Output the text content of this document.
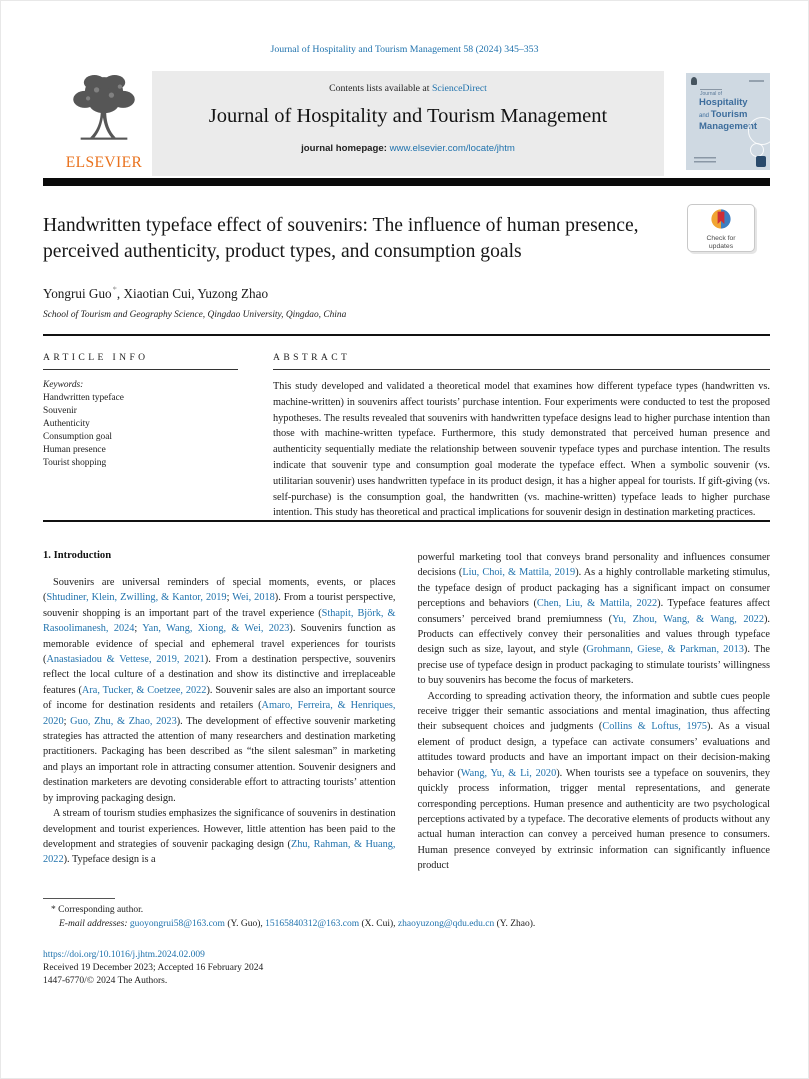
Journal of Hospitality and Tourism Management 58 (2024) 345–353
ELSEVIER
Contents lists available at ScienceDirect
Journal of Hospitality and Tourism Management
journal homepage: www.elsevier.com/locate/jhtm
Journal of
Hospitality
and Tourism
Management
Check for
updates
Handwritten typeface effect of souvenirs: The influence of human presence, perceived authenticity, product types, and consumption goals
Yongrui Guo*, Xiaotian Cui, Yuzong Zhao
School of Tourism and Geography Science, Qingdao University, Qingdao, China
ARTICLE INFO
Keywords:
Handwritten typeface
Souvenir
Authenticity
Consumption goal
Human presence
Tourist shopping
ABSTRACT

This study developed and validated a theoretical model that examines how different typeface types (handwritten vs. machine-written) in souvenirs affect tourists’ purchase intention. Four experiments were conducted to test the proposed hypotheses. The results revealed that souvenirs with handwritten typeface designs lead to higher purchase intention than those with machine-written typeface. Furthermore, this study demonstrated that perceived human presence and authenticity sequentially mediate the relationship between souvenir typeface types and purchase intention. The results indicate that souvenir type and consumption goal moderate the typeface effect. When a symbolic souvenir (vs. utilitarian souvenir) uses handwritten typeface in its product design, it has a higher appeal for tourists. If gift-giving (vs. self-purchase) is the consumption goal, the handwritten (vs. machine-written) typeface leads to higher purchase intention. This study has theoretical and practical implications for souvenir design in destination marketing practices.

1. Introduction

Souvenirs are universal reminders of special moments, events, or places (Shtudiner, Klein, Zwilling, & Kantor, 2019; Wei, 2018). From a tourist perspective, souvenir shopping is an important part of the travel experience (Sthapit, Björk, & Rasoolimanesh, 2024; Yan, Wang, Xiong, & Wei, 2023). Souvenirs function as memorable evidence of special and ephemeral travel experiences for tourists (Anastasiadou & Vettese, 2019, 2021). From a destination perspective, souvenirs reflect the local culture of a destination and show its distinctive and irreplaceable features (Ara, Tucker, & Coetzee, 2022). Souvenir sales are also an important source of income for destination residents and retailers (Amaro, Ferreira, & Henriques, 2020; Guo, Zhu, & Zhao, 2023). The development of effective souvenir marketing strategies has attracted the attention of many researchers and destination marketing practitioners. Packaging has been described as “the silent salesman” in marketing and plays an important role in attracting consumer attention. Souvenir designers and destination marketers are devoting considerable effort to attracting tourists’ attention by improving packaging design.

A stream of tourism studies emphasizes the significance of souvenirs in destination development and tourist experiences. However, little attention has been paid to the development and strategies of souvenir packaging design (Zhu, Rahman, & Huang, 2022). Typeface design is a

powerful marketing tool that conveys brand personality and influences consumer decisions (Liu, Choi, & Mattila, 2019). As a highly controllable marketing stimulus, the typeface design of product packaging has a significant impact on consumer perceptions and behaviors (Chen, Liu, & Mattila, 2022). Typeface features affect consumers’ perceived brand premiumness (Yu, Zhou, Wang, & Wang, 2022). Products can effectively convey their personalities and values through typeface design such as size, layout, and style (Grohmann, Giese, & Parkman, 2013). The precise use of typeface design in product packaging to stimulate tourists’ willingness to buy souvenirs has become the focus of marketers.

According to spreading activation theory, the information and subtle cues people receive trigger their semantic associations and mental imagination, thus affecting their subsequent choices and judgments (Collins & Loftus, 1975). As a visual element of product design, a typeface can activate consumers’ evaluations and attitudes toward products and have an important impact on their decision-making behavior (Wang, Yu, & Li, 2020). When tourists see a typeface on souvenirs, they quickly process information, trigger mental representations, and generate corresponding perceptions. Human presence and authenticity are two psychological perceptions activated by a typeface. The decorative elements of products without any actual human interaction can convey a perceived human presence to consumers. Human presence conveyed by extrinsic information can significantly influence product

* Corresponding author.
E-mail addresses: guoyongrui58@163.com (Y. Guo), 15165840312@163.com (X. Cui), zhaoyuzong@qdu.edu.cn (Y. Zhao).
https://doi.org/10.1016/j.jhtm.2024.02.009
Received 19 December 2023; Accepted 16 February 2024
1447-6770/© 2024 The Authors.
